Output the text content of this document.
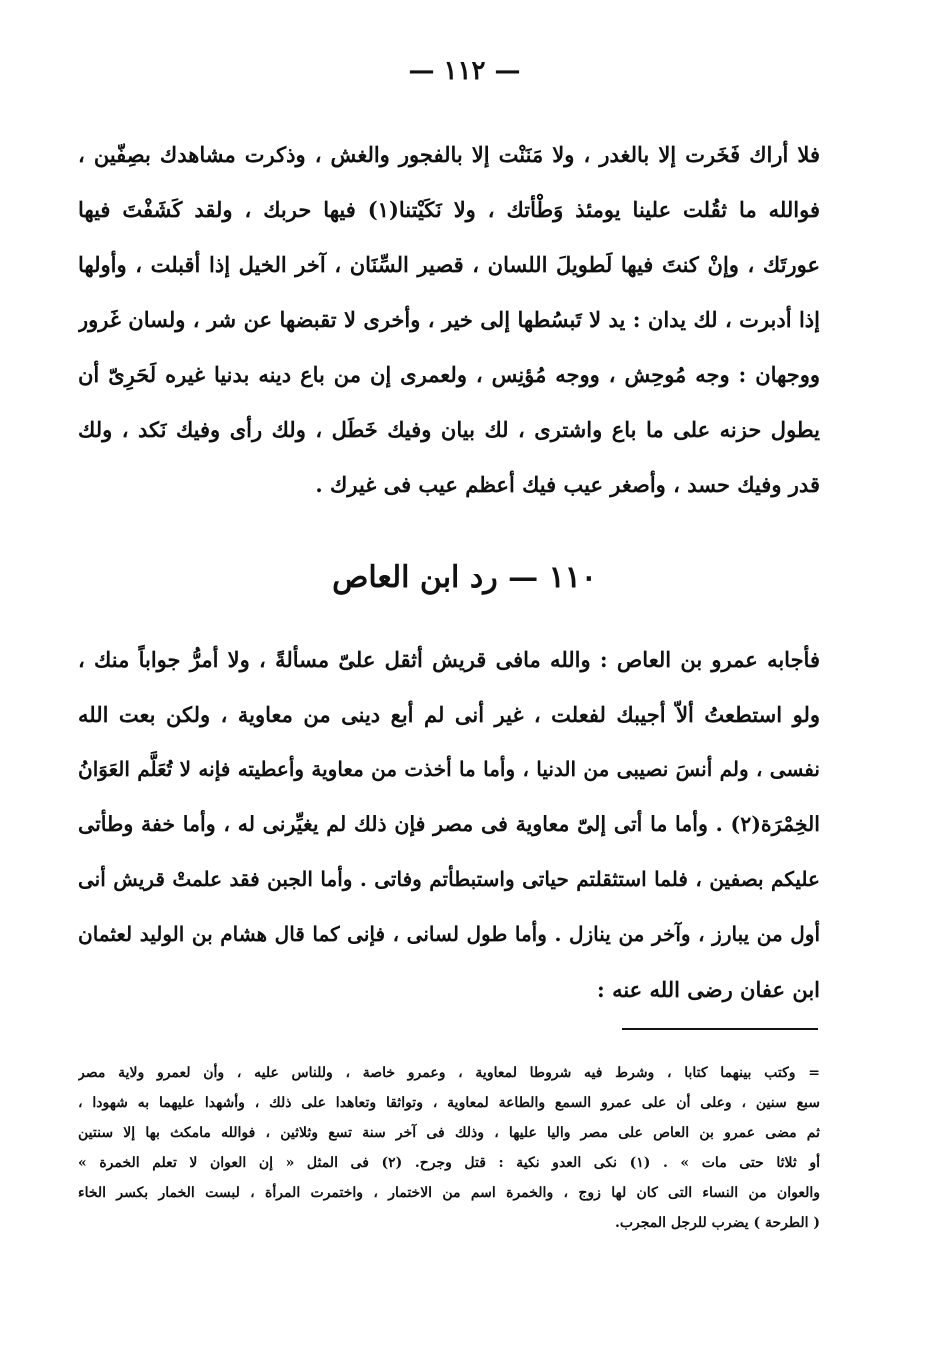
— ١١٢ —
فلا أراك فَخَرت إلا بالغدر ، ولا مَنَنْت إلا بالفجور والغش ، وذكرت مشاهدك بصِفّين ،
فوالله ما ثقُلت علينا يومئذ وَطْأتك ، ولا نَكَيْتنا(١) فيها حربك ، ولقد كَشَفْتَ فيها
عورتَك ، وإنْ كنتَ فيها لَطويلَ اللسان ، قصير السِّنَان ، آخر الخيل إذا أقبلت ، وأولها
إذا أدبرت ، لك يدان : يد لا تَبسُطها إلى خير ، وأخرى لا تقبضها عن شر ، ولسان غَرور
ووجهان : وجه مُوحِش ، ووجه مُؤنِس ، ولعمرى إن من باع دينه بدنيا غيره لَحَرِىّ أن
يطول حزنه على ما باع واشترى ، لك بيان وفيك خَطَل ، ولك رأى وفيك نَكد ، ولك
قدر وفيك حسد ، وأصغر عيب فيك أعظم عيب فى غيرك .
١١٠ — رد ابن العاص
فأجابه عمرو بن العاص : والله مافى قريش أثقل علىّ مسألةً ، ولا أمرُّ جواباً منك ،
ولو استطعتُ ألاّ أجيبك لفعلت ، غير أنى لم أبع دينى من معاوية ، ولكن بعت الله
نفسى ، ولم أنسَ نصيبى من الدنيا ، وأما ما أخذت من معاوية وأعطيته فإنه لا تُعَلَّم العَوَانُ
الخِمْرَة(٢) . وأما ما أتى إلىّ معاوية فى مصر فإن ذلك لم يغيِّرنى له ، وأما خفة وطأتى
عليكم بصفين ، فلما استثقلتم حياتى واستبطأتم وفاتى . وأما الجبن فقد علمتْ قريش أنى
أول من يبارز ، وآخر من ينازل . وأما طول لسانى ، فإنى كما قال هشام بن الوليد لعثمان
ابن عفان رضى الله عنه :
= وكتب بينهما كتابا ، وشرط فيه شروطا لمعاوية ، وعمرو خاصة ، وللناس عليه ، وأن لعمرو ولاية مصر
سبع سنين ، وعلى أن على عمرو السمع والطاعة لمعاوية ، وتواثقا وتعاهدا على ذلك ، وأشهدا عليهما به شهودا ،
ثم مضى عمرو بن العاص على مصر واليا عليها ، وذلك فى آخر سنة تسع وثلاثين ، فوالله مامكث بها إلا سنتين
أو ثلاثا حتى مات » . (١) نكى العدو نكية : قتل وجرح. (٢) فى المثل « إن العوان لا تعلم الخمرة »
والعوان من النساء التى كان لها زوج ، والخمرة اسم من الاختمار ، واختمرت المرأة ، لبست الخمار بكسر الخاء
( الطرحة ) يضرب للرجل المجرب.
